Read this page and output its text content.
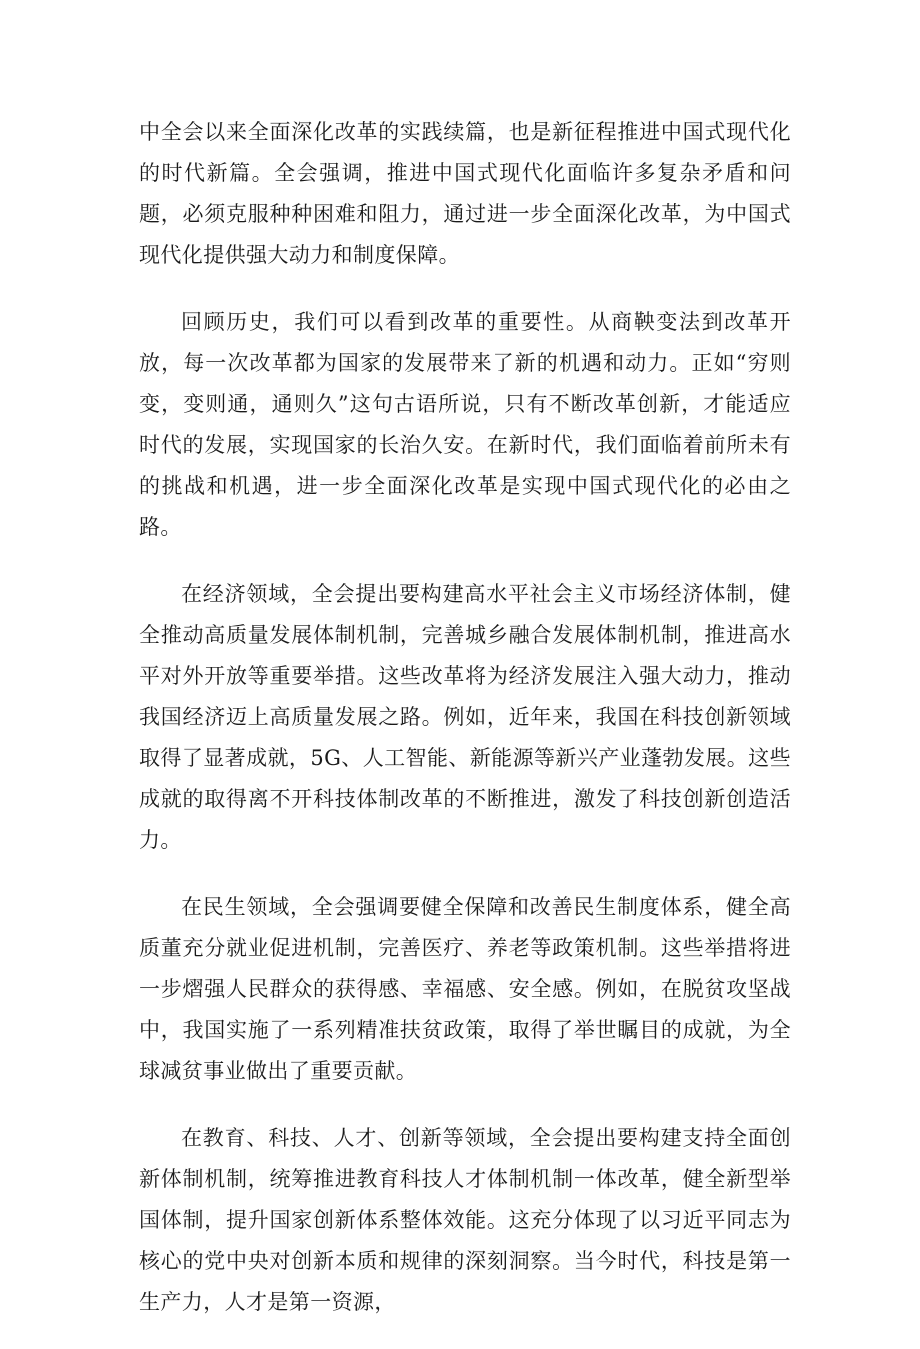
中全会以来全面深化改革的实践续篇，也是新征程推进中国式现代化的时代新篇。全会强调，推进中国式现代化面临许多复杂矛盾和问题，必须克服种种困难和阻力，通过进一步全面深化改革，为中国式现代化提供强大动力和制度保障。

回顾历史，我们可以看到改革的重要性。从商鞅变法到改革开放，每一次改革都为国家的发展带来了新的机遇和动力。正如“穷则变，变则通，通则久”这句古语所说，只有不断改革创新，才能适应时代的发展，实现国家的长治久安。在新时代，我们面临着前所未有的挑战和机遇，进一步全面深化改革是实现中国式现代化的必由之路。

在经济领域，全会提出要构建高水平社会主义市场经济体制，健全推动高质量发展体制机制，完善城乡融合发展体制机制，推进高水平对外开放等重要举措。这些改革将为经济发展注入强大动力，推动我国经济迈上高质量发展之路。例如，近年来，我国在科技创新领域取得了显著成就，5G、人工智能、新能源等新兴产业蓬勃发展。这些成就的取得离不开科技体制改革的不断推进，激发了科技创新创造活力。

在民生领域，全会强调要健全保障和改善民生制度体系，健全高质董充分就业促进机制，完善医疗、养老等政策机制。这些举措将进一步熠强人民群众的获得感、幸福感、安全感。例如，在脱贫攻坚战中，我国实施了一系列精准扶贫政策，取得了举世瞩目的成就，为全球减贫事业做出了重要贡献。

在教育、科技、人才、创新等领域，全会提出要构建支持全面创新体制机制，统筹推进教育科技人才体制机制一体改革，健全新型举国体制，提升国家创新体系整体效能。这充分体现了以习近平同志为核心的党中央对创新本质和规律的深刻洞察。当今时代，科技是第一生产力，人才是第一资源，
